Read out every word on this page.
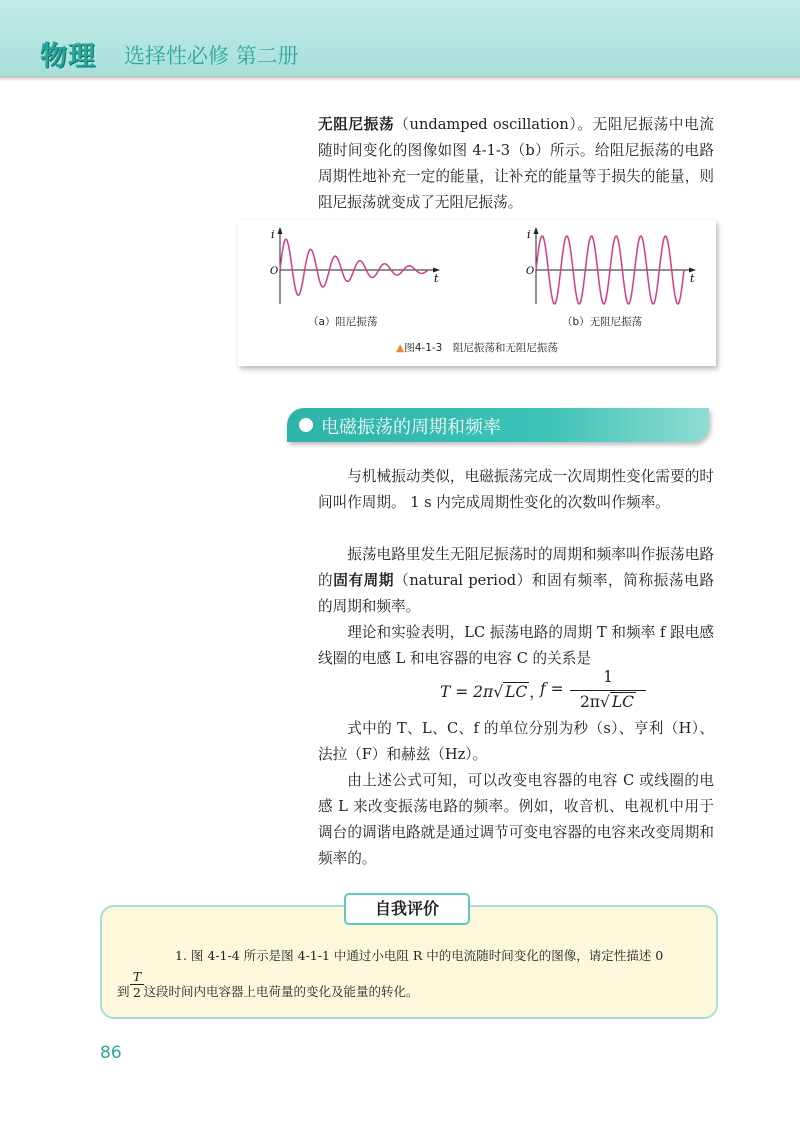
物理 选择性必修 第二册

无阻尼振荡（undamped oscillation）。无阻尼振荡中电流随时间变化的图像如图 4-1-3（b）所示。给阻尼振荡的电路周期性地补充一定的能量，让补充的能量等于损失的能量，则阻尼振荡就变成了无阻尼振荡。

i
O
t
i
O
t
（a）阻尼振荡	（b）无阻尼振荡
▲图4-1-3　阻尼振荡和无阻尼振荡
电磁振荡的周期和频率

与机械振动类似，电磁振荡完成一次周期性变化需要的时间叫作周期。 1 s 内完成周期性变化的次数叫作频率。

振荡电路里发生无阻尼振荡时的周期和频率叫作振荡电路的固有周期（natural period）和固有频率，简称振荡电路的周期和频率。

理论和实验表明，LC 振荡电路的周期 T 和频率 f 跟电感线圈的电感 L 和电容器的电容 C 的关系是

T = 2π√ LC ，
f =
1
2π√ LC

式中的 T、L、C、f 的单位分别为秒（s）、亨利（H）、法拉（F）和赫兹（Hz）。

由上述公式可知，可以改变电容器的电容 C 或线圈的电感 L 来改变振荡电路的频率。例如，收音机、电视机中用于调台的调谐电路就是通过调节可变电容器的电容来改变周期和频率的。

自我评价
1. 图 4-1-4 所示是图 4-1-1 中通过小电阻 R 中的电流随时间变化的图像，请定性描述 0
$\frac{T}{2}$
到 这段时间内电容器上电荷量的变化及能量的转化。
86
